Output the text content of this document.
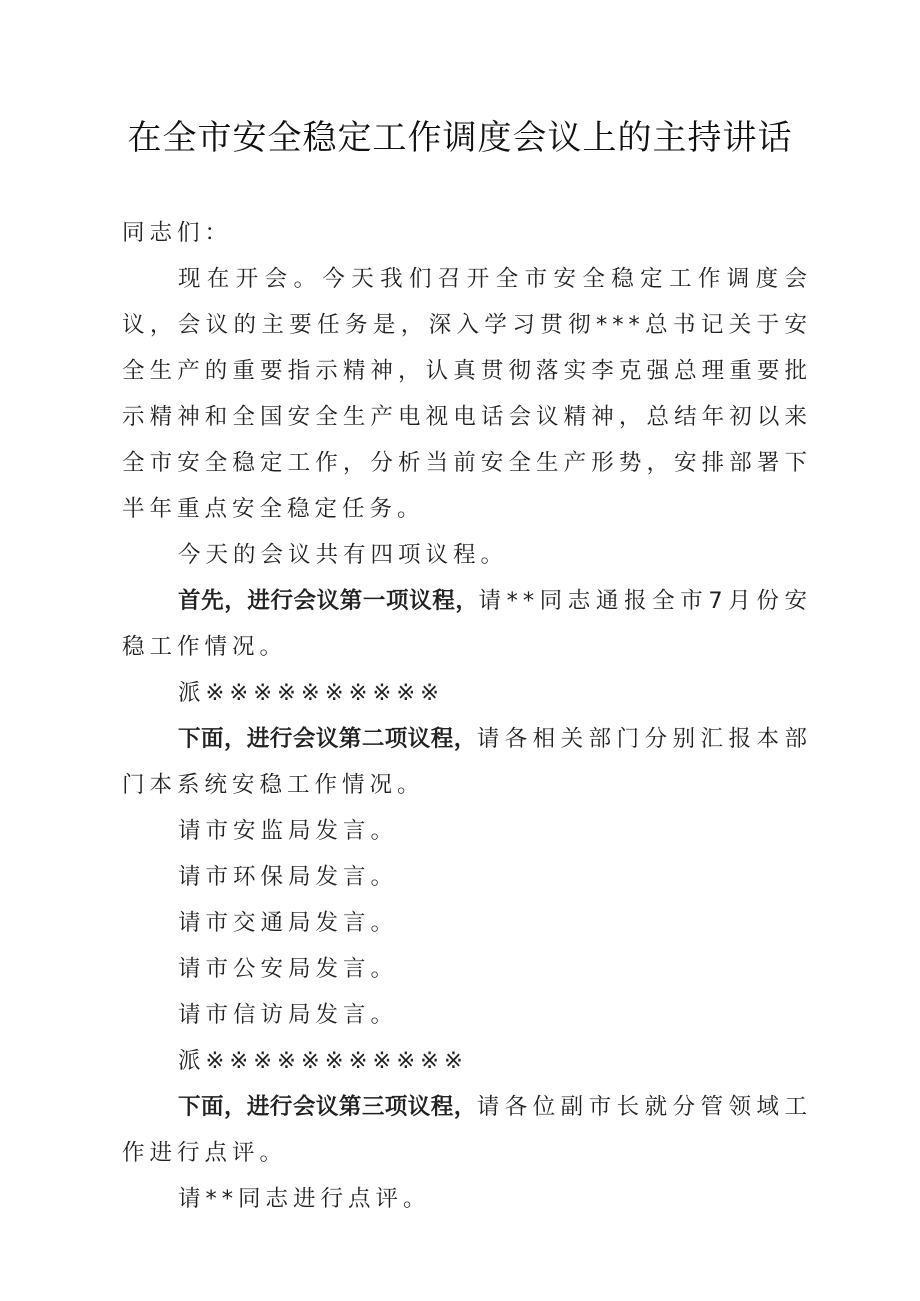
在全市安全稳定工作调度会议上的主持讲话

同志们：

现在开会。今天我们召开全市安全稳定工作调度会议，会议的主要任务是，深入学习贯彻***总书记关于安全生产的重要指示精神，认真贯彻落实李克强总理重要批示精神和全国安全生产电视电话会议精神，总结年初以来全市安全稳定工作，分析当前安全生产形势，安排部署下半年重点安全稳定任务。

今天的会议共有四项议程。

首先，进行会议第一项议程，请**同志通报全市7月份安稳工作情况。

派※※※※※※※※※※

下面，进行会议第二项议程，请各相关部门分别汇报本部门本系统安稳工作情况。

请市安监局发言。

请市环保局发言。

请市交通局发言。

请市公安局发言。

请市信访局发言。

派※※※※※※※※※※※

下面，进行会议第三项议程，请各位副市长就分管领域工作进行点评。

请**同志进行点评。
